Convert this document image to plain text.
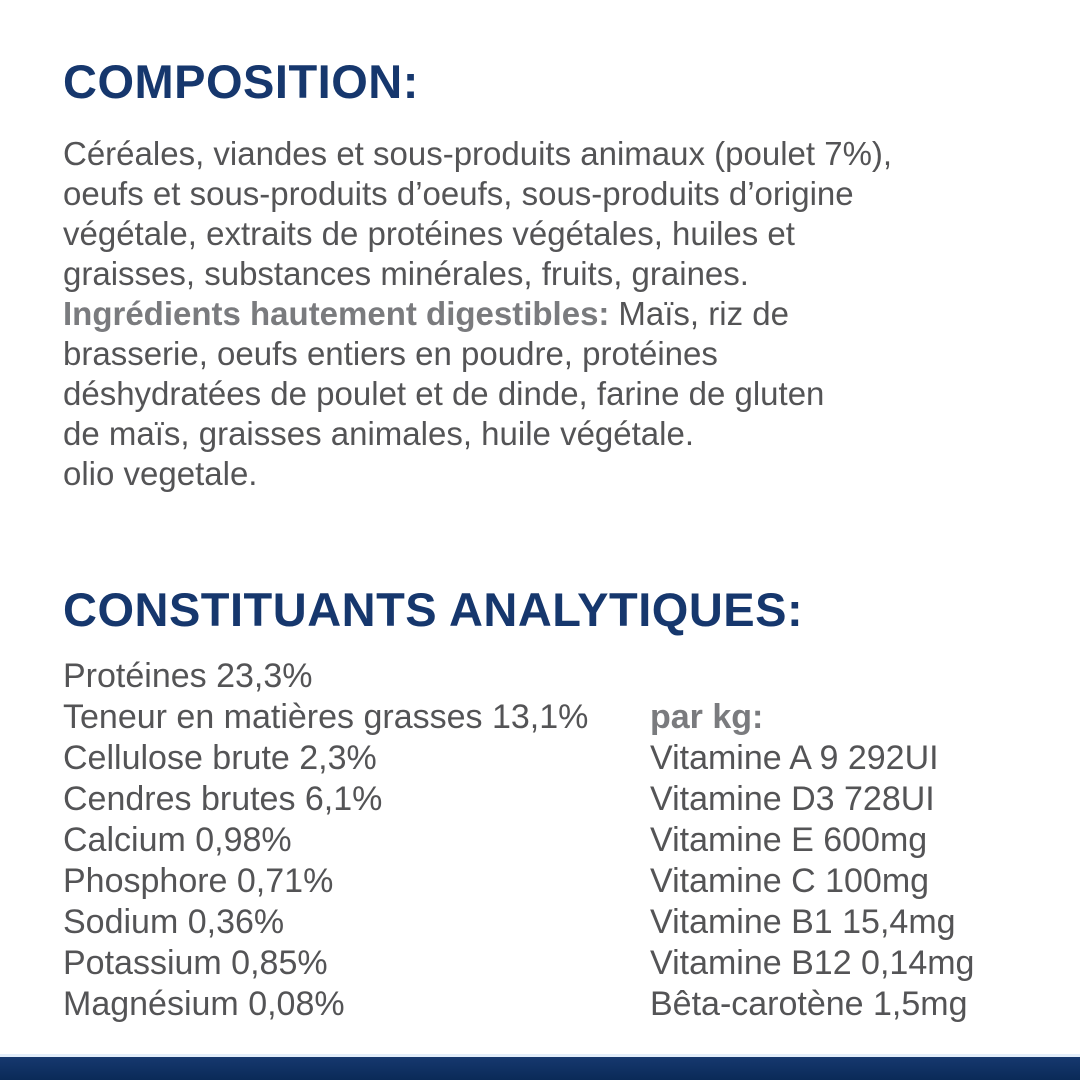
COMPOSITION:
Céréales, viandes et sous-produits animaux (poulet 7%),
oeufs et sous-produits d’oeufs, sous-produits d’origine
végétale, extraits de protéines végétales, huiles et
graisses, substances minérales, fruits, graines.
Ingrédients hautement digestibles: Maïs, riz de
brasserie, oeufs entiers en poudre, protéines
déshydratées de poulet et de dinde, farine de gluten
de maïs, graisses animales, huile végétale.
olio vegetale.
CONSTITUANTS ANALYTIQUES:
Protéines 23,3%
Teneur en matières grasses 13,1%
Cellulose brute 2,3%
Cendres brutes 6,1%
Calcium 0,98%
Phosphore 0,71%
Sodium 0,36%
Potassium 0,85%
Magnésium 0,08%
par kg:
Vitamine A 9 292UI
Vitamine D3 728UI
Vitamine E 600mg
Vitamine C 100mg
Vitamine B1 15,4mg
Vitamine B12 0,14mg
Bêta-carotène 1,5mg
